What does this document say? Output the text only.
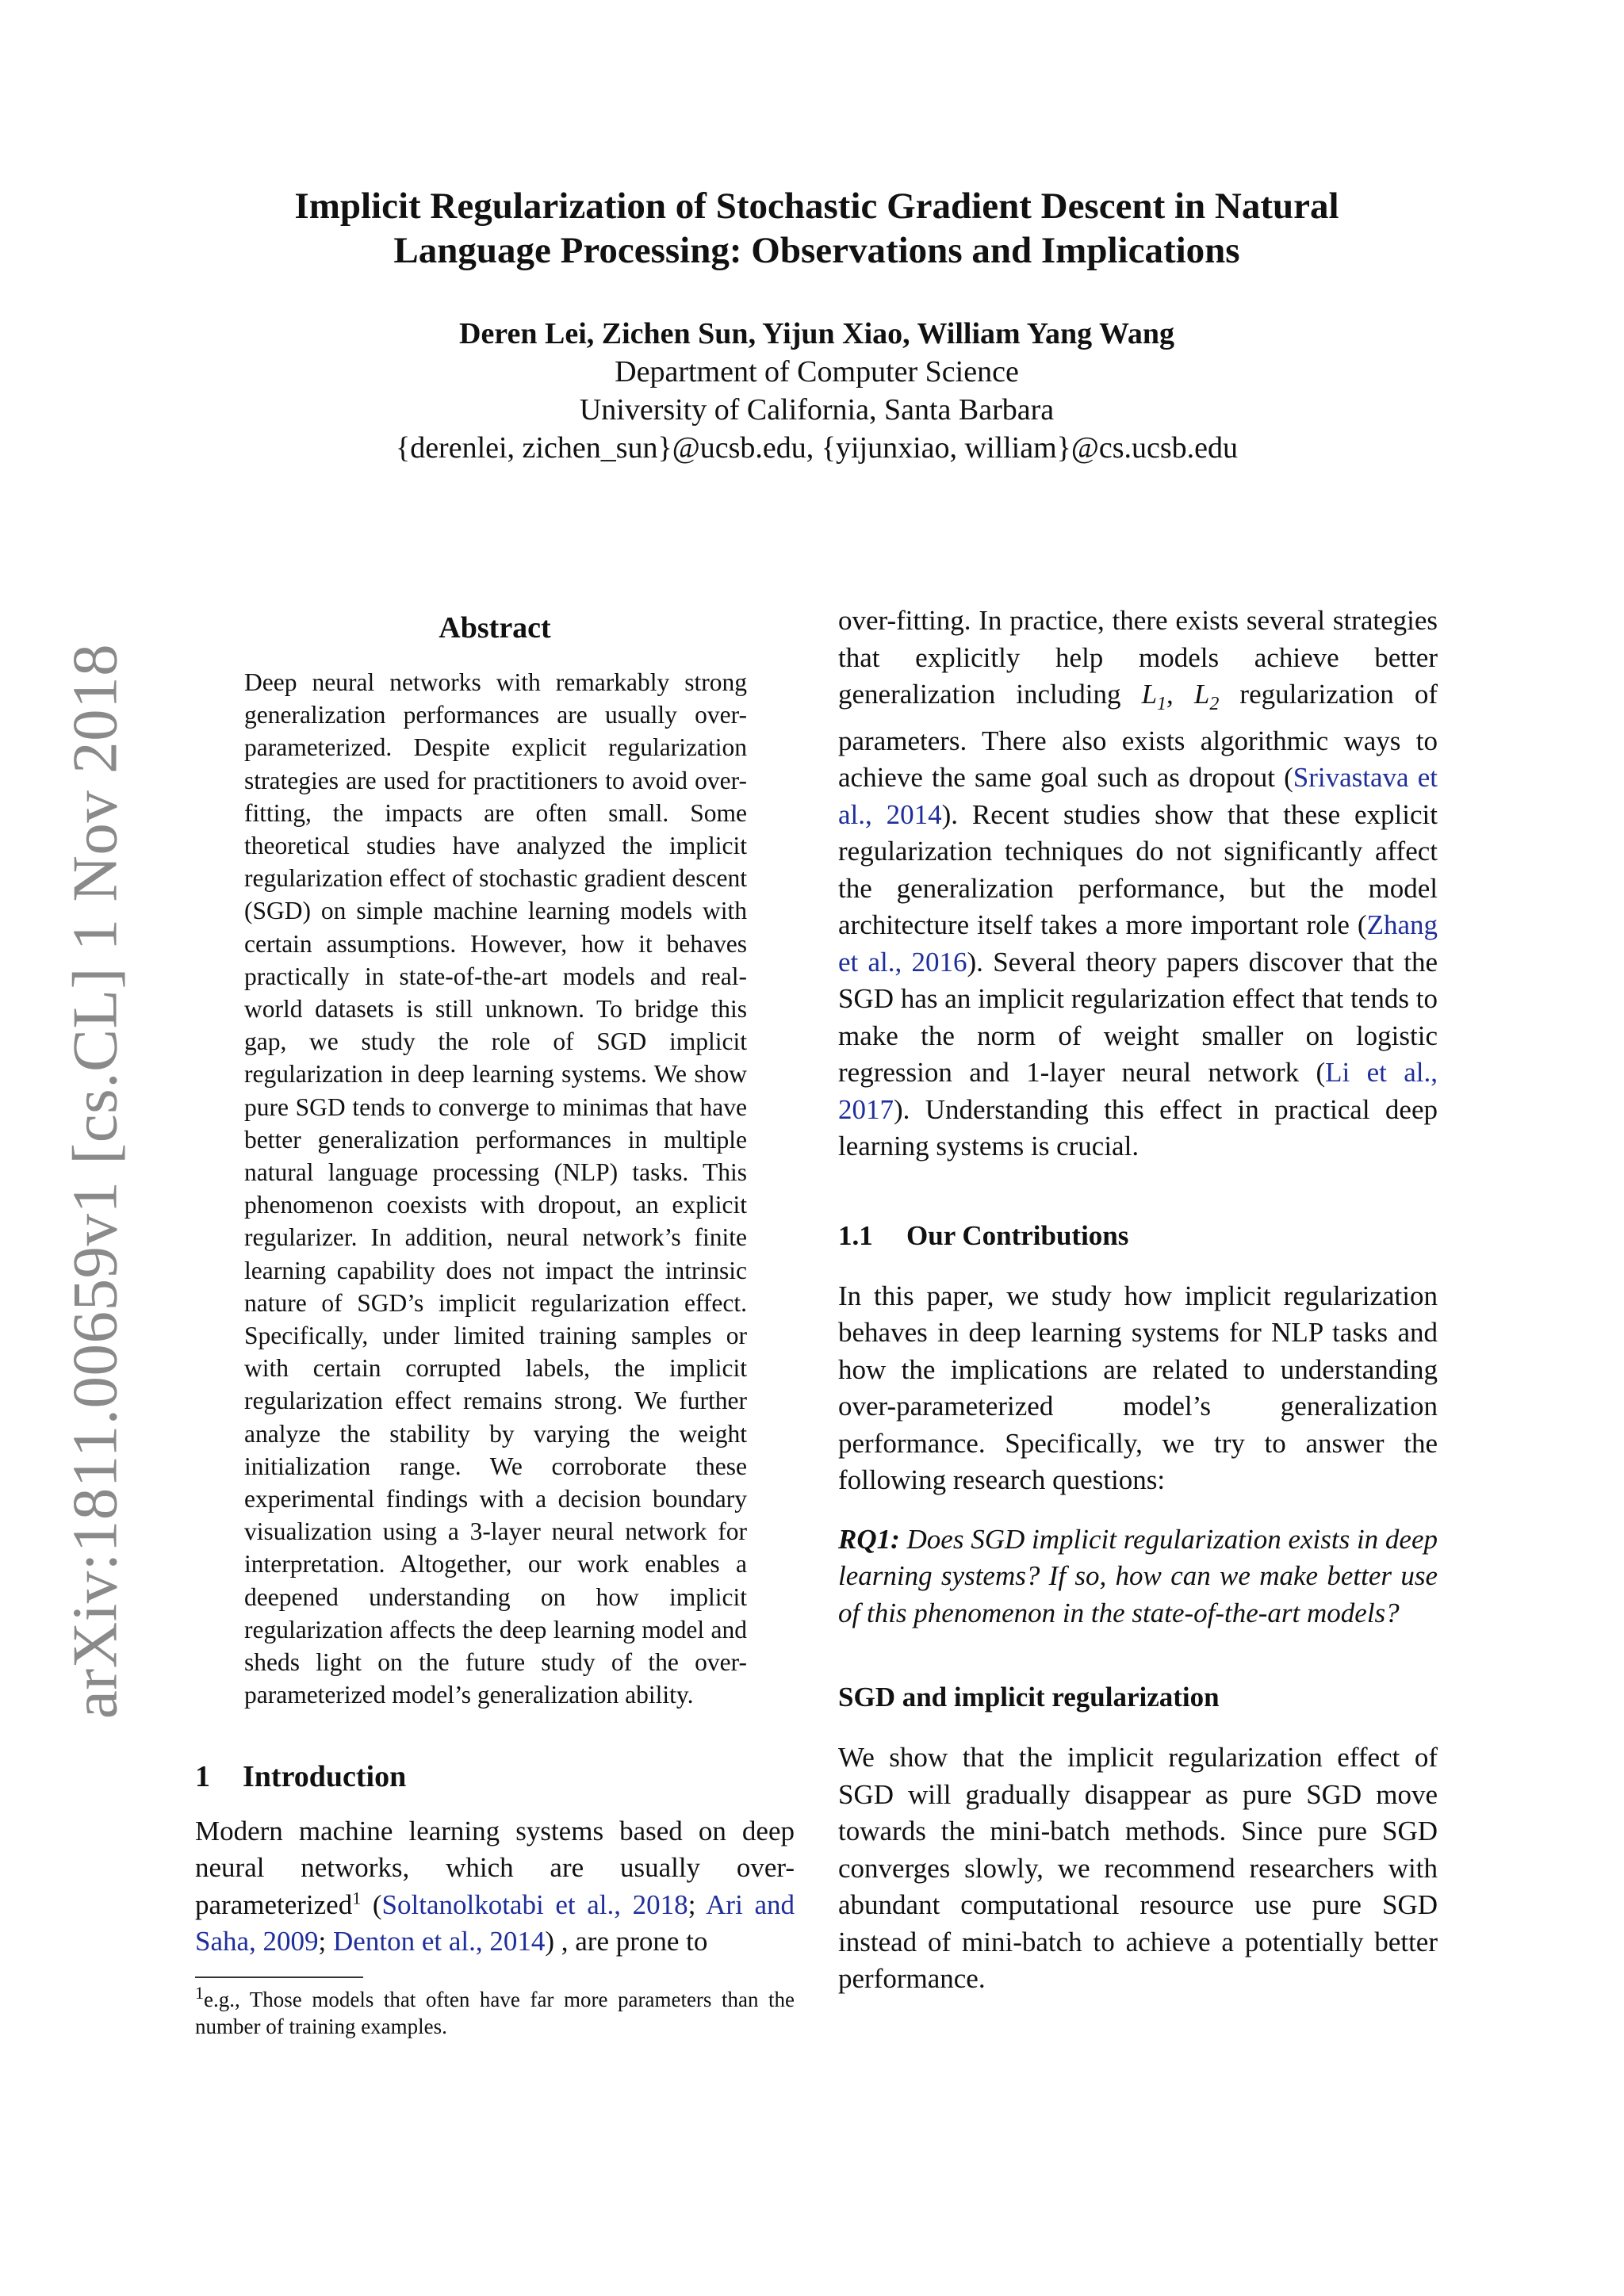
arXiv:1811.00659v1 [cs.CL] 1 Nov 2018
Implicit Regularization of Stochastic Gradient Descent in Natural
Language Processing: Observations and Implications
Deren Lei, Zichen Sun, Yijun Xiao, William Yang Wang
Department of Computer Science
University of California, Santa Barbara
{derenlei, zichen_sun}@ucsb.edu, {yijunxiao, william}@cs.ucsb.edu
Abstract

Deep neural networks with remarkably strong generalization performances are usually over-parameterized. Despite explicit regularization strategies are used for practitioners to avoid over-fitting, the impacts are often small. Some theoretical studies have analyzed the implicit regularization effect of stochastic gradient descent (SGD) on simple machine learning models with certain assumptions. However, how it behaves practically in state-of-the-art models and real-world datasets is still unknown. To bridge this gap, we study the role of SGD implicit regularization in deep learning systems. We show pure SGD tends to converge to minimas that have better generalization performances in multiple natural language processing (NLP) tasks. This phenomenon coexists with dropout, an explicit regularizer. In addition, neural network’s finite learning capability does not impact the intrinsic nature of SGD’s implicit regularization effect. Specifically, under limited training samples or with certain corrupted labels, the implicit regularization effect remains strong. We further analyze the stability by varying the weight initialization range. We corroborate these experimental findings with a decision boundary visualization using a 3-layer neural network for interpretation. Altogether, our work enables a deepened understanding on how implicit regularization affects the deep learning model and sheds light on the future study of the over-parameterized model’s generalization ability.

1 Introduction

Modern machine learning systems based on deep neural networks, which are usually over-parameterized$^1$ (Soltanolkotabi et al., 2018; Ari and Saha, 2009; Denton et al., 2014) , are prone to

$^1$e.g., Those models that often have far more parameters than the number of training examples.

over-fitting. In practice, there exists several strategies that explicitly help models achieve better generalization including $L_1$, $L_2$ regularization of parameters. There also exists algorithmic ways to achieve the same goal such as dropout (Srivastava et al., 2014). Recent studies show that these explicit regularization techniques do not significantly affect the generalization performance, but the model architecture itself takes a more important role (Zhang et al., 2016). Several theory papers discover that the SGD has an implicit regularization effect that tends to make the norm of weight smaller on logistic regression and 1-layer neural network (Li et al., 2017). Understanding this effect in practical deep learning systems is crucial.

1.1 Our Contributions

In this paper, we study how implicit regularization behaves in deep learning systems for NLP tasks and how the implications are related to understanding over-parameterized model’s generalization performance. Specifically, we try to answer the following research questions:

RQ1: Does SGD implicit regularization exists in deep learning systems? If so, how can we make better use of this phenomenon in the state-of-the-art models?

SGD and implicit regularization

We show that the implicit regularization effect of SGD will gradually disappear as pure SGD move towards the mini-batch methods. Since pure SGD converges slowly, we recommend researchers with abundant computational resource use pure SGD instead of mini-batch to achieve a potentially better performance.
